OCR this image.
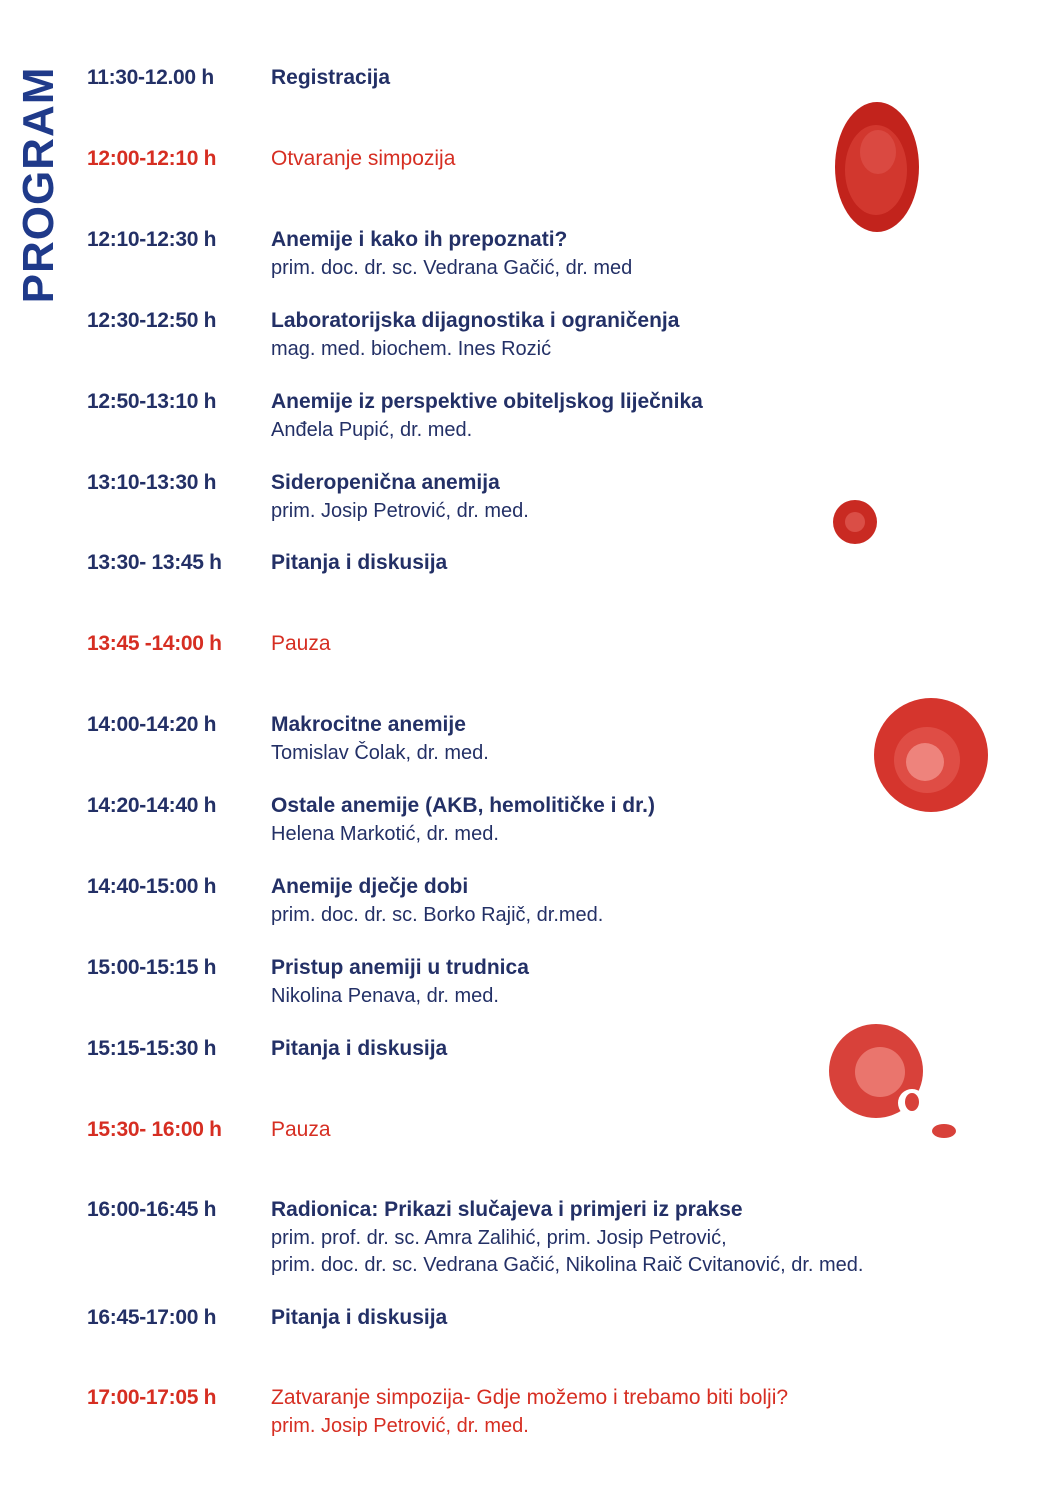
PROGRAM 11:30-12.00 h	Registracija
12:00-12:10 h	Otvaranje simpozija
12:10-12:30 h	Anemije i kako ih prepoznati?
prim. doc. dr. sc. Vedrana Gačić, dr. med
12:30-12:50 h	Laboratorijska dijagnostika i ograničenja
mag. med. biochem. Ines Rozić
12:50-13:10 h	Anemije iz perspektive obiteljskog liječnika
Anđela Pupić, dr. med.
13:10-13:30 h	Sideropenična anemija
prim. Josip Petrović, dr. med.
13:30- 13:45 h Pitanja i diskusija
13:45 -14:00 h Pauza
14:00-14:20 h	Makrocitne anemije
Tomislav Čolak, dr. med.
14:20-14:40 h	Ostale anemije (AKB, hemolitičke i dr.)
Helena Markotić, dr. med.
14:40-15:00 h	Anemije dječje dobi
prim. doc. dr. sc. Borko Rajič, dr.med.
15:00-15:15 h	Pristup anemiji u trudnica
Nikolina Penava, dr. med.
15:15-15:30 h	Pitanja i diskusija
15:30- 16:00 h Pauza
16:00-16:45 h	Radionica: Prikazi slučajeva i primjeri iz prakse
prim. prof. dr. sc. Amra Zalihić, prim. Josip Petrović,
prim. doc. dr. sc. Vedrana Gačić, Nikolina Raič Cvitanović, dr. med.
16:45-17:00 h	Pitanja i diskusija
17:00-17:05 h	Zatvaranje simpozija- Gdje možemo i trebamo biti bolji?
prim. Josip Petrović, dr. med.
